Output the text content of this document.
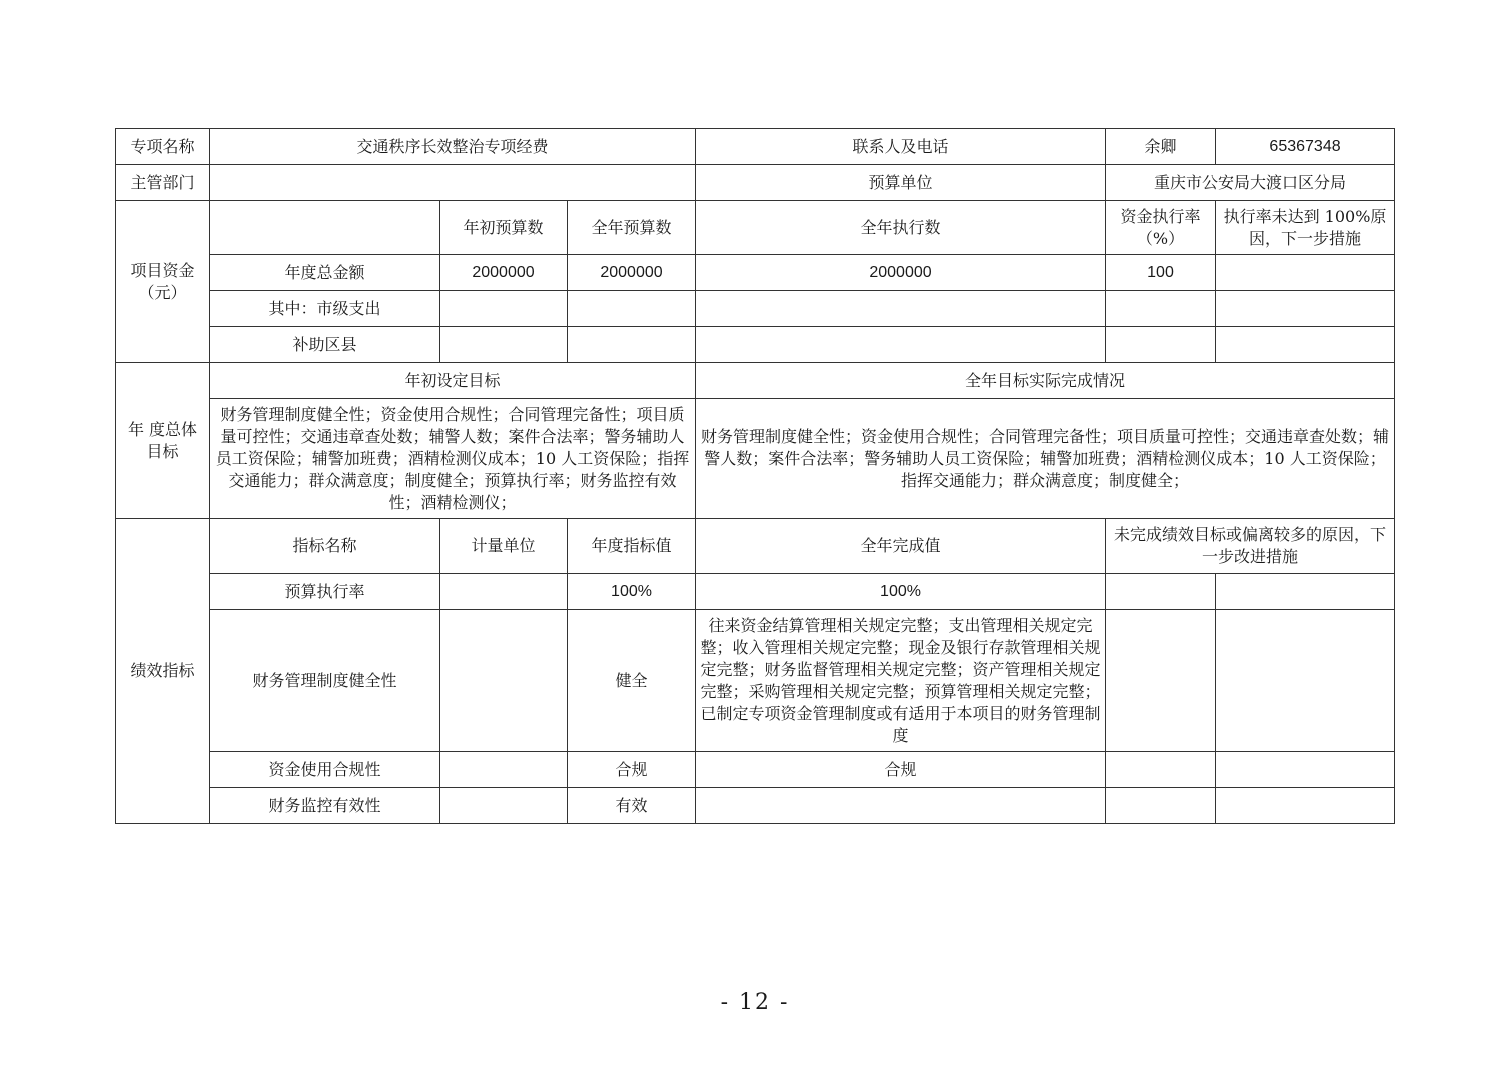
专项名称	交通秩序长效整治专项经费			联系人及电话	余卿	65367348
主管部门				预算单位	重庆市公安局大渡口区分局	
项目资金（元）		年初预算数	全年预算数	全年执行数	资金执行率（%）	执行率未达到 100%原因，下一步措施
	年度总金额	2000000	2000000	2000000	100	
	其中：市级支出					
	补助区县					
年 度总体目标	年初设定目标			全年目标实际完成情况		
	财务管理制度健全性；资金使用合规性；合同管理完备性；项目质量可控性；交通违章查处数；辅警人数；案件合法率；警务辅助人员工资保险；辅警加班费；酒精检测仪成本；10 人工资保险；指挥交通能力；群众满意度；制度健全；预算执行率；财务监控有效性；酒精检测仪；			财务管理制度健全性；资金使用合规性；合同管理完备性；项目质量可控性；交通违章查处数；辅警人数；案件合法率；警务辅助人员工资保险；辅警加班费；酒精检测仪成本；10 人工资保险；指挥交通能力；群众满意度；制度健全；		
绩效指标	指标名称	计量单位	年度指标值	全年完成值	未完成绩效目标或偏离较多的原因，下一步改进措施	
	预算执行率		100%	100%		
	财务管理制度健全性		健全	往来资金结算管理相关规定完整；支出管理相关规定完整；收入管理相关规定完整；现金及银行存款管理相关规定完整；财务监督管理相关规定完整；资产管理相关规定完整；采购管理相关规定完整；预算管理相关规定完整；已制定专项资金管理制度或有适用于本项目的财务管理制度		
	资金使用合规性		合规	合规		
	财务监控有效性		有效			
- 12 -
